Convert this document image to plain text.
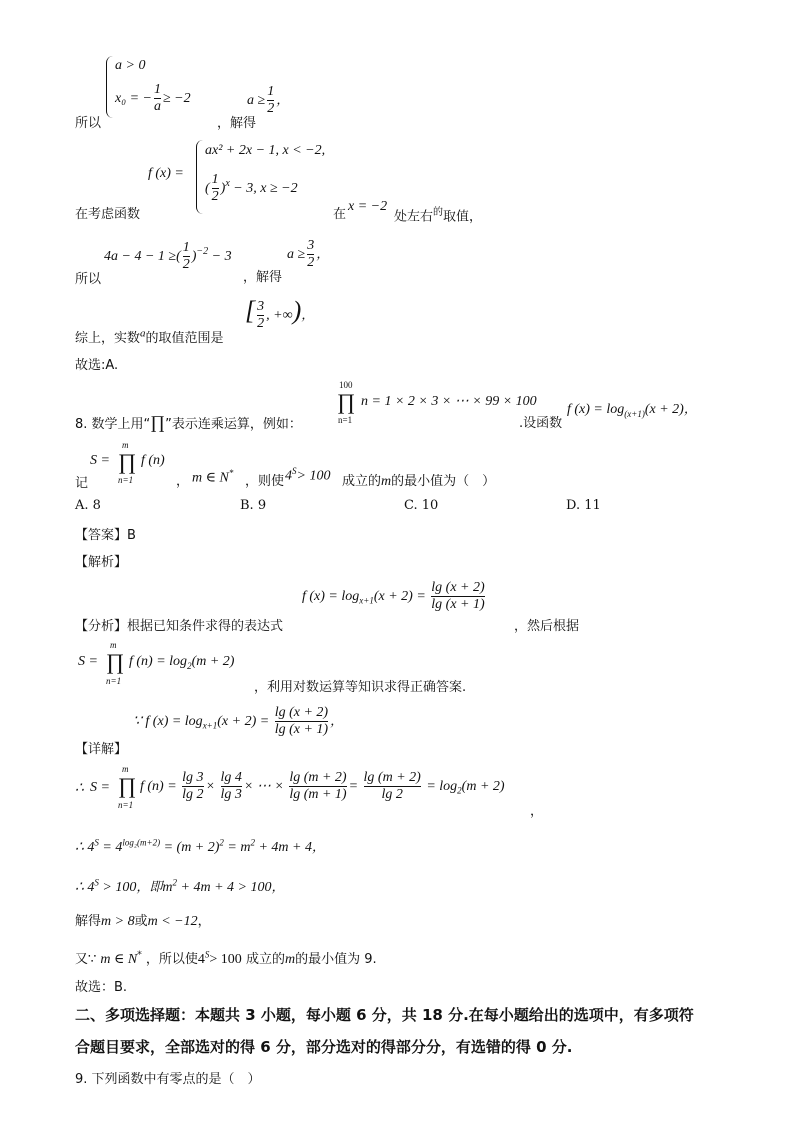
a > 0
x₀ = − $\frac{1}{a} \ge -2$
所以	，解得
$a \ge \frac{1}{2}$ ，
在考虑函数
f (x) =
ax² + 2x − 1, x < −2,
( $\frac{1}{2} )^x - 3$, x ≥ −2
在
x = −2
处左右$^的$取值，
4a − 4 − 1 ≥( $\frac{1}{2} )^{-2} - 3$
所以	，解得
$a \ge \frac{3}{2}$ ，
综上，实数$^a$的取值范围是
[ $\frac{3}{2}$ , +∞)，
故选:A.
8. 数学上用“∏”表示连乘运算，例如：
100
∏
n=1
n = 1 × 2 × 3 × ⋯ × 99 × 100
.设函数
f $(x) = \log_{(x+1)}(x + 2)$，
记
S =
m
∏
n=1
f (n)
， m ∈ N*
，则使 $4^S> 100$ 成立的m的最小值为（　）
A. 8	B. 9	C. 10	D. 11
【答案】B
【解析】
f $(x) = \log_{x+1}(x + 2) = \frac{\lg (x + 2)}{\lg (x + 1)}$
【分析】根据已知条件求得的表达式	，然后根据
S =
m
∏
n=1
f $(n) = \log_2(m + 2)$
，利用对数运算等知识求得正确答案.
∵ f $(x) = \log_{x+1}(x + 2) = \frac{\lg (x + 2)}{\lg (x + 1)}$ ，
【详解】
∴ S =
m
∏
n=1
f $(n) = \frac{\lg 3}{\lg 2} \times \frac{\lg 4}{\lg 3}$ × ⋯ × $\frac{\lg (m + 2)}{\lg (m + 1)} = \frac{\lg (m + 2)}{\lg 2} = \log_2(m + 2)$
，
∴ $4^S = 4^{log_2(m+2)} = (m + 2)^2 = m^2 + 4m + 4$，
∴ $4^S > 100$，即$m^2 + 4m + 4 > 100$，
解得m > 8或m < −12，
又∵ m ∈ N* ，所以使$4^S> 100$ 成立的m的最小值为 9.
故选：B.
二、多项选择题：本题共 3 小题，每小题 6 分，共 18 分.在每小题给出的选项中，有多项符
合题目要求，全部选对的得 6 分，部分选对的得部分分，有选错的得 0 分.
9. 下列函数中有零点的是（　）
